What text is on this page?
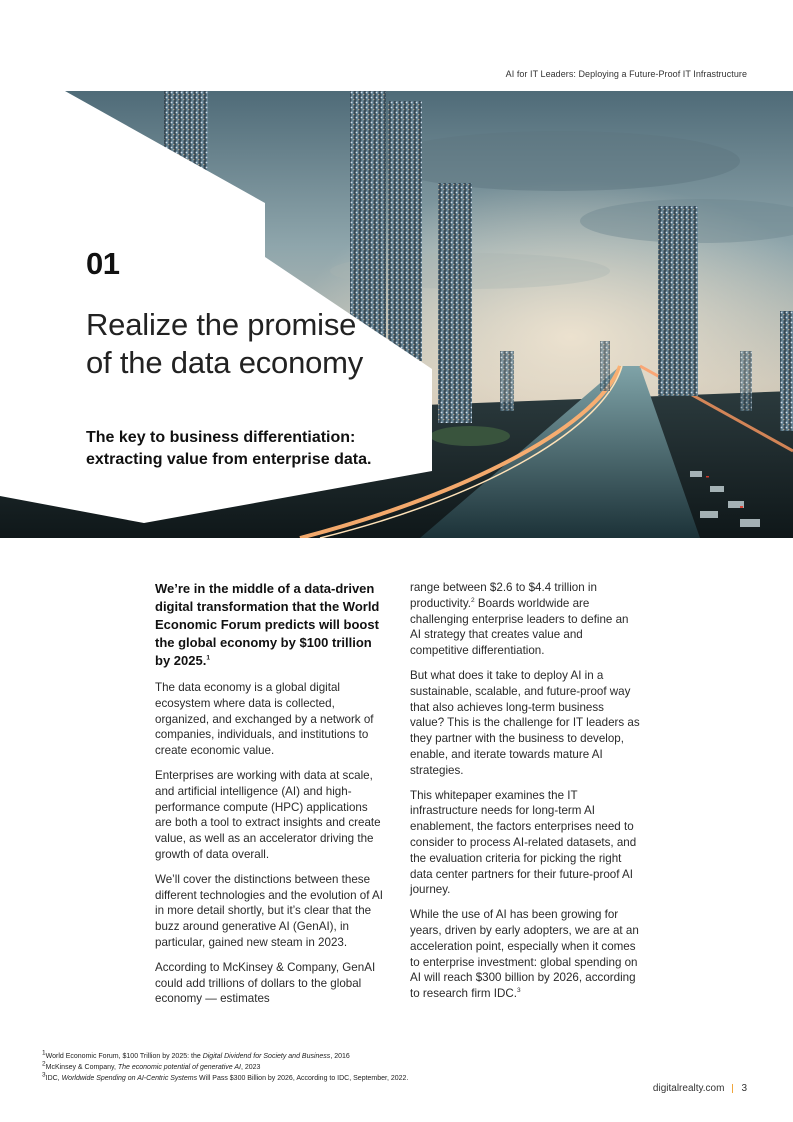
AI for IT Leaders: Deploying a Future-Proof IT Infrastructure
01
Realize the promise of the data economy
The key to business differentiation: extracting value from enterprise data.

We’re in the middle of a data-driven digital transformation that the World Economic Forum predicts will boost the global economy by $100 trillion by 2025.$^1$

The data economy is a global digital ecosystem where data is collected, organized, and exchanged by a network of companies, individuals, and institutions to create economic value.

Enterprises are working with data at scale, and artificial intelligence (AI) and high-performance compute (HPC) applications are both a tool to extract insights and create value, as well as an accelerator driving the growth of data overall.

We’ll cover the distinctions between these different technologies and the evolution of AI in more detail shortly, but it’s clear that the buzz around generative AI (GenAI), in particular, gained new steam in 2023.

According to McKinsey & Company, GenAI could add trillions of dollars to the global economy — estimates

range between $2.6 to $4.4 trillion in productivity.$^2$ Boards worldwide are challenging enterprise leaders to define an AI strategy that creates value and competitive differentiation.

But what does it take to deploy AI in a sustainable, scalable, and future-proof way that also achieves long-term business value? This is the challenge for IT leaders as they partner with the business to develop, enable, and iterate towards mature AI strategies.

This whitepaper examines the IT infrastructure needs for long-term AI enablement, the factors enterprises need to consider to process AI-related datasets, and the evaluation criteria for picking the right data center partners for their future-proof AI journey.

While the use of AI has been growing for years, driven by early adopters, we are at an acceleration point, especially when it comes to enterprise investment: global spending on AI will reach $300 billion by 2026, according to research firm IDC.$^3$

$^1$World Economic Forum, $100 Trillion by 2025: the Digital Dividend for Society and Business, 2016
$^2$McKinsey & Company, The economic potential of generative AI, 2023
$^3$IDC, Worldwide Spending on AI-Centric Systems Will Pass $300 Billion by 2026, According to IDC, September, 2022.
digitalrealty.com 3
